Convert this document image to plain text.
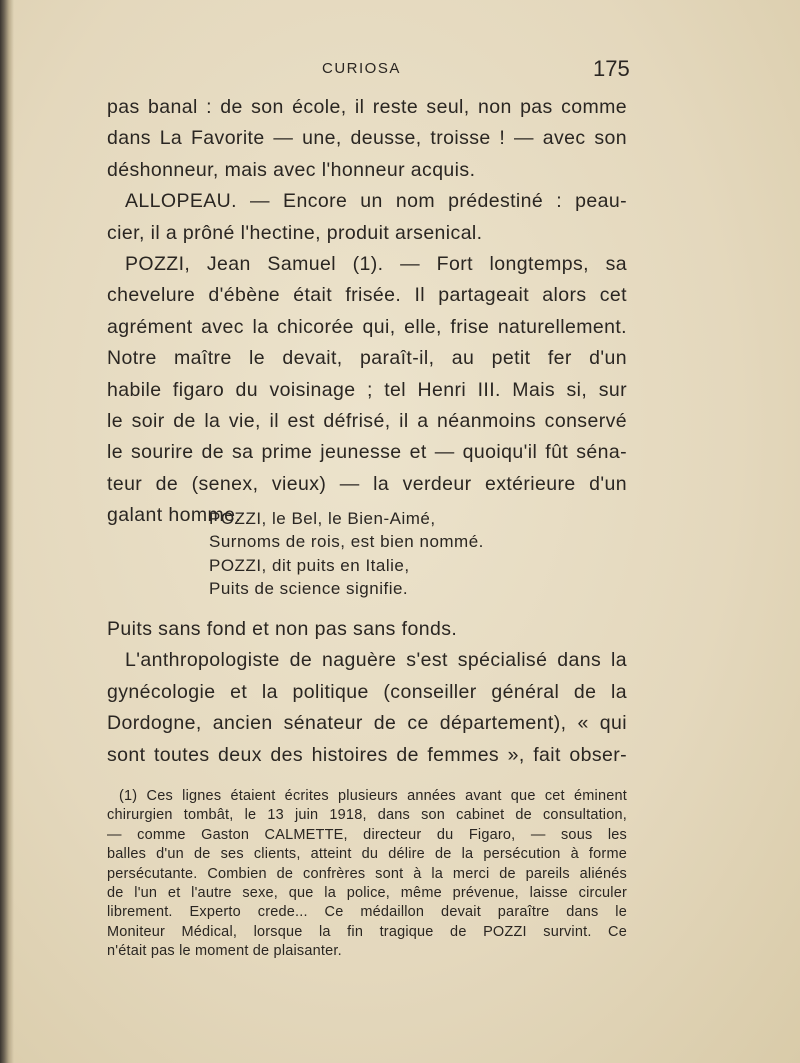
CURIOSA	175
pas banal : de son école, il reste seul, non pas comme
dans La Favorite — une, deusse, troisse ! — avec son
déshonneur, mais avec l'honneur acquis.
ALLOPEAU. — Encore un nom prédestiné : peau-
cier, il a prôné l'hectine, produit arsenical.
POZZI, Jean Samuel (1). — Fort longtemps, sa
chevelure d'ébène était frisée. Il partageait alors cet
agrément avec la chicorée qui, elle, frise naturellement.
Notre maître le devait, paraît-il, au petit fer d'un
habile figaro du voisinage ; tel Henri III. Mais si, sur
le soir de la vie, il est défrisé, il a néanmoins conservé
le sourire de sa prime jeunesse et — quoiqu'il fût séna-
teur de (senex, vieux) — la verdeur extérieure d'un
galant homme.
POZZI, le Bel, le Bien-Aimé,
Surnoms de rois, est bien nommé.
POZZI, dit puits en Italie,
Puits de science signifie.
Puits sans fond et non pas sans fonds.
L'anthropologiste de naguère s'est spécialisé dans la
gynécologie et la politique (conseiller général de la
Dordogne, ancien sénateur de ce département), « qui
sont toutes deux des histoires de femmes », fait obser-
(1) Ces lignes étaient écrites plusieurs années avant que cet éminent
chirurgien tombât, le 13 juin 1918, dans son cabinet de consultation,
— comme Gaston CALMETTE, directeur du Figaro, — sous les
balles d'un de ses clients, atteint du délire de la persécution à forme
persécutante. Combien de confrères sont à la merci de pareils aliénés
de l'un et l'autre sexe, que la police, même prévenue, laisse circuler
librement. Experto crede... Ce médaillon devait paraître dans le
Moniteur Médical, lorsque la fin tragique de POZZI survint. Ce
n'était pas le moment de plaisanter.
